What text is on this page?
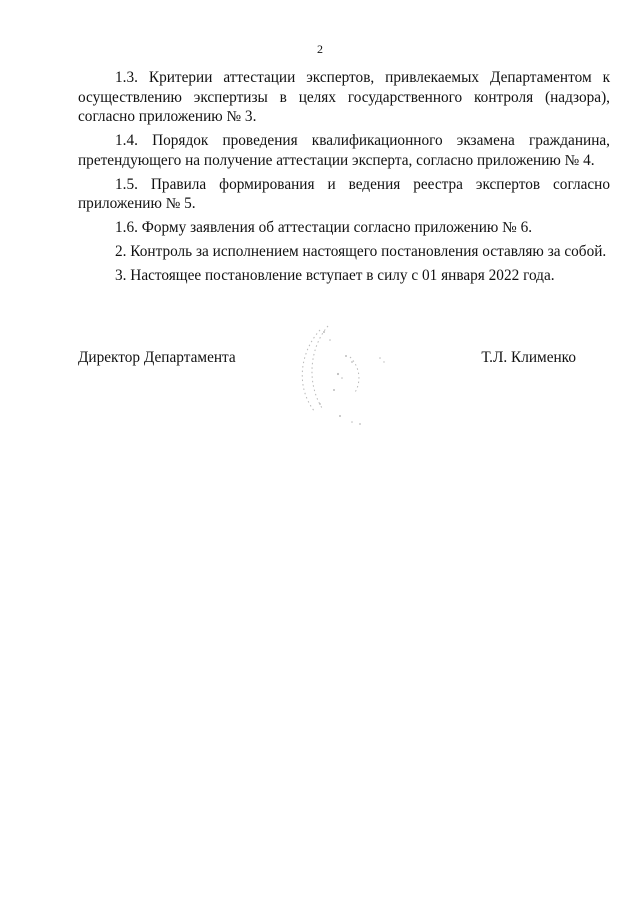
2

1.3. Критерии аттестации экспертов, привлекаемых Департаментом к осуществлению экспертизы в целях государственного контроля (надзора), согласно приложению № 3.

1.4. Порядок проведения квалификационного экзамена гражданина, претендующего на получение аттестации эксперта, согласно приложению № 4.

1.5. Правила формирования и ведения реестра экспертов согласно приложению № 5.

1.6. Форму заявления об аттестации согласно приложению № 6.

2. Контроль за исполнением настоящего постановления оставляю за собой.

3. Настоящее постановление вступает в силу с 01 января 2022 года.

Директор Департамента	Т.Л. Клименко
